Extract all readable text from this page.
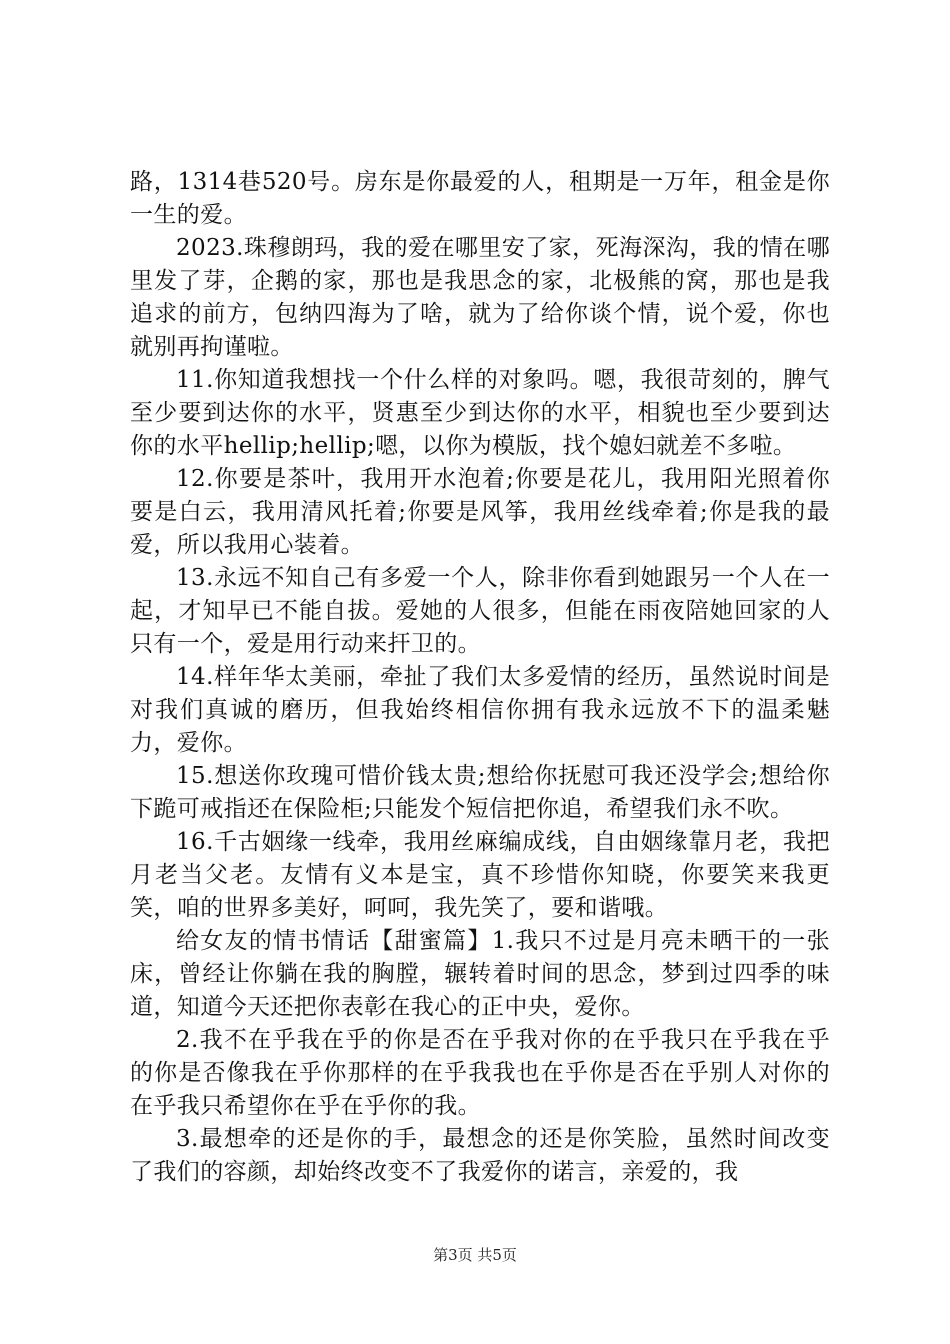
路，1314巷520号。房东是你最爱的人，租期是一万年，租金是你一生的爱。

2023.珠穆朗玛，我的爱在哪里安了家，死海深沟，我的情在哪里发了芽，企鹅的家，那也是我思念的家，北极熊的窝，那也是我追求的前方，包纳四海为了啥，就为了给你谈个情，说个爱，你也就别再拘谨啦。

11.你知道我想找一个什么样的对象吗。嗯，我很苛刻的，脾气至少要到达你的水平，贤惠至少到达你的水平，相貌也至少要到达你的水平hellip;hellip;嗯，以你为模版，找个媳妇就差不多啦。

12.你要是茶叶，我用开水泡着;你要是花儿，我用阳光照着你要是白云，我用清风托着;你要是风筝，我用丝线牵着;你是我的最爱，所以我用心装着。

13.永远不知自己有多爱一个人，除非你看到她跟另一个人在一起，才知早已不能自拔。爱她的人很多，但能在雨夜陪她回家的人只有一个，爱是用行动来扞卫的。

14.样年华太美丽，牵扯了我们太多爱情的经历，虽然说时间是对我们真诚的磨历，但我始终相信你拥有我永远放不下的温柔魅力，爱你。

15.想送你玫瑰可惜价钱太贵;想给你抚慰可我还没学会;想给你下跪可戒指还在保险柜;只能发个短信把你追，希望我们永不吹。

16.千古姻缘一线牵，我用丝麻编成线，自由姻缘靠月老，我把月老当父老。友情有义本是宝，真不珍惜你知晓，你要笑来我更笑，咱的世界多美好，呵呵，我先笑了，要和谐哦。

给女友的情书情话【甜蜜篇】1.我只不过是月亮未晒干的一张床，曾经让你躺在我的胸膛，辗转着时间的思念，梦到过四季的味道，知道今天还把你表彰在我心的正中央，爱你。

2.我不在乎我在乎的你是否在乎我对你的在乎我只在乎我在乎的你是否像我在乎你那样的在乎我我也在乎你是否在乎别人对你的在乎我只希望你在乎在乎你的我。

3.最想牵的还是你的手，最想念的还是你笑脸，虽然时间改变了我们的容颜，却始终改变不了我爱你的诺言，亲爱的，我

第3页 共5页
